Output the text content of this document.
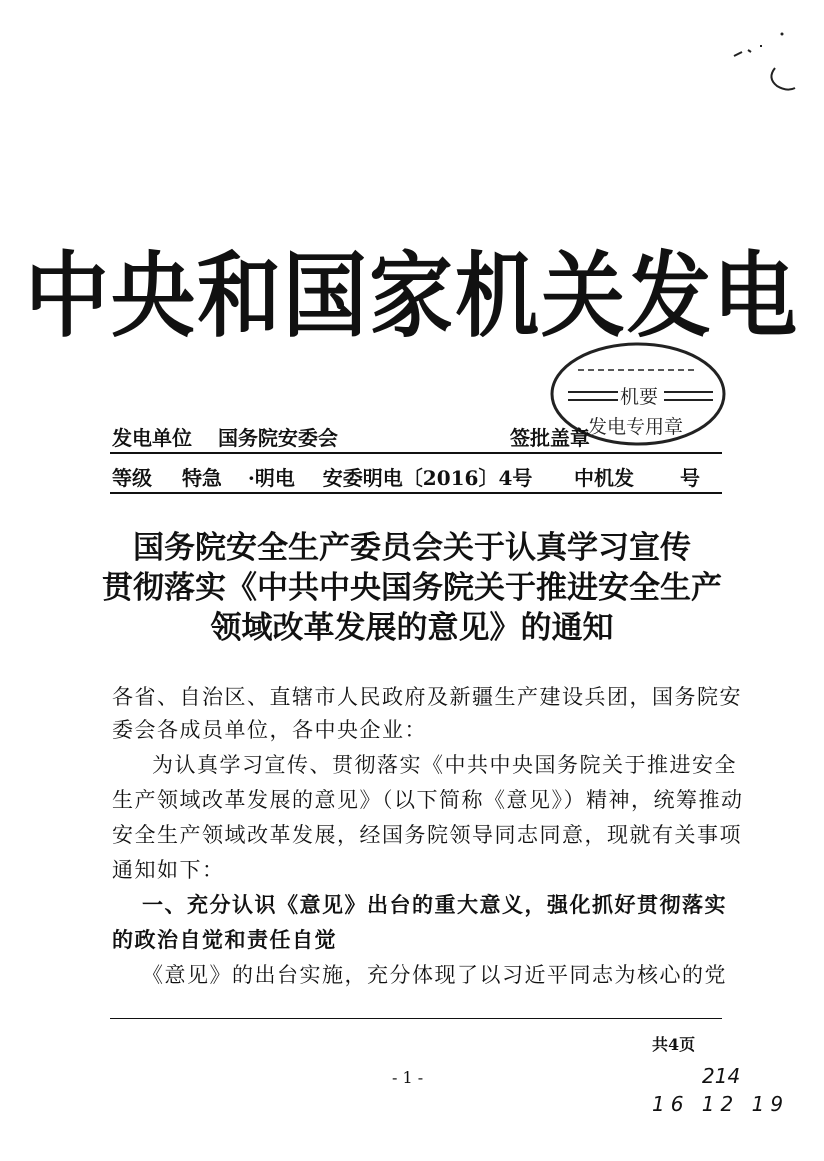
中央和国家机关发电
机要
发电专用章
发电单位 国务院安委会	签批盖章
等级 特急 ·明电 安委明电〔2016〕4号 中机发 号
国务院安全生产委员会关于认真学习宣传
贯彻落实《中共中央国务院关于推进安全生产
领域改革发展的意见》的通知
各省、自治区、直辖市人民政府及新疆生产建设兵团，国务院安
委会各成员单位，各中央企业：
为认真学习宣传、贯彻落实《中共中央国务院关于推进安全
生产领域改革发展的意见》（以下简称《意见》）精神，统筹推动
安全生产领域改革发展，经国务院领导同志同意，现就有关事项
通知如下：
一、充分认识《意见》出台的重大意义，强化抓好贯彻落实
的政治自觉和责任自觉
《意见》的出台实施，充分体现了以习近平同志为核心的党
共4页
- 1 -	214
16 12 19
